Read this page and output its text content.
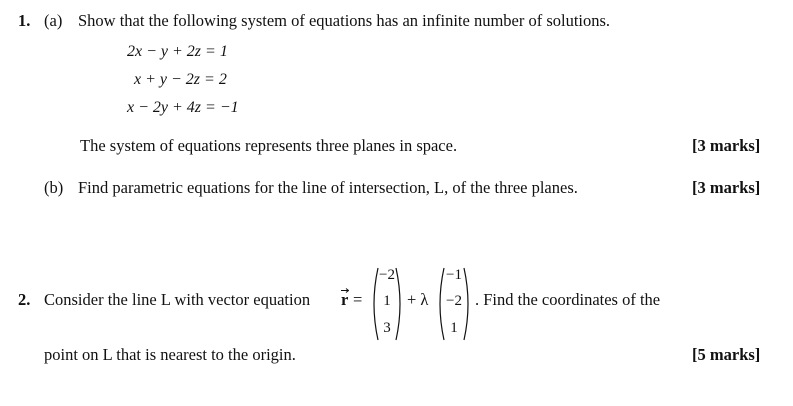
1. (a) Show that the following system of equations has an infinite number of solutions.
2x − y + 2z = 1
x + y − 2z = 2
x − 2y + 4z = −1
The system of equations represents three planes in space.	[3 marks]
(b) Find parametric equations for the line of intersection, L, of the three planes.	[3 marks]
2. Consider the line L with vector equation r =
−2
1
3
+ λ
−1
−2
1
. Find the coordinates of the
point on L that is nearest to the origin.	[5 marks]
